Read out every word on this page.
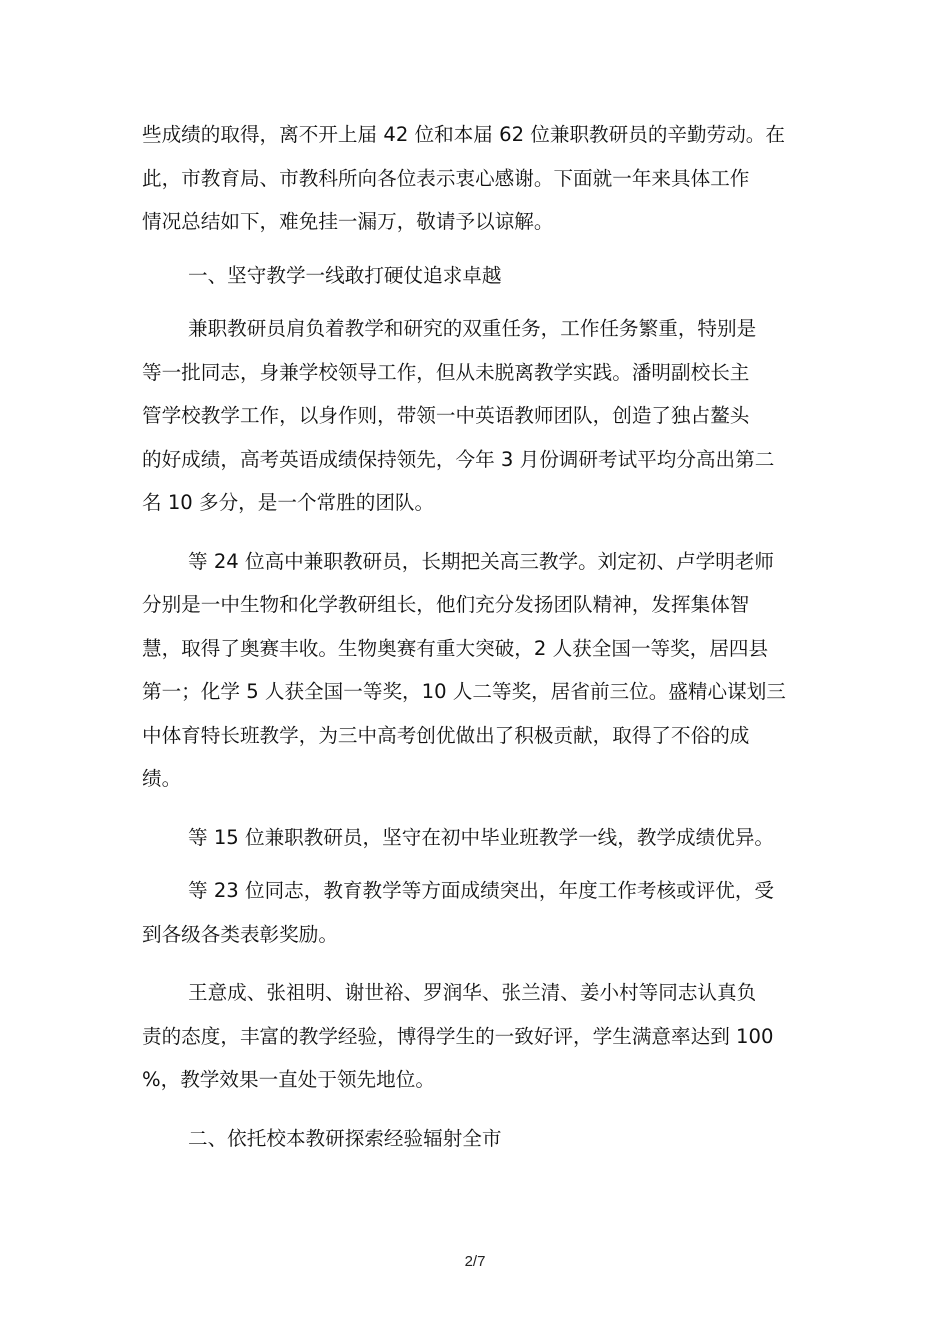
些成绩的取得，离不开上届 42 位和本届 62 位兼职教研员的辛勤劳动。在
此，市教育局、市教科所向各位表示衷心感谢。下面就一年来具体工作
情况总结如下，难免挂一漏万，敬请予以谅解。

一、坚守教学一线敢打硬仗追求卓越

兼职教研员肩负着教学和研究的双重任务，工作任务繁重，特别是
等一批同志，身兼学校领导工作，但从未脱离教学实践。潘明副校长主
管学校教学工作，以身作则，带领一中英语教师团队，创造了独占鳌头
的好成绩，高考英语成绩保持领先，今年 3 月份调研考试平均分高出第二
名 10 多分，是一个常胜的团队。

等 24 位高中兼职教研员，长期把关高三教学。刘定初、卢学明老师
分别是一中生物和化学教研组长，他们充分发扬团队精神，发挥集体智
慧，取得了奥赛丰收。生物奥赛有重大突破，2 人获全国一等奖，居四县
第一；化学 5 人获全国一等奖，10 人二等奖，居省前三位。盛精心谋划三
中体育特长班教学，为三中高考创优做出了积极贡献，取得了不俗的成
绩。

等 15 位兼职教研员，坚守在初中毕业班教学一线，教学成绩优异。

等 23 位同志，教育教学等方面成绩突出，年度工作考核或评优，受
到各级各类表彰奖励。

王意成、张祖明、谢世裕、罗润华、张兰清、姜小村等同志认真负
责的态度，丰富的教学经验，博得学生的一致好评，学生满意率达到 100
%，教学效果一直处于领先地位。

二、依托校本教研探索经验辐射全市

2/7
